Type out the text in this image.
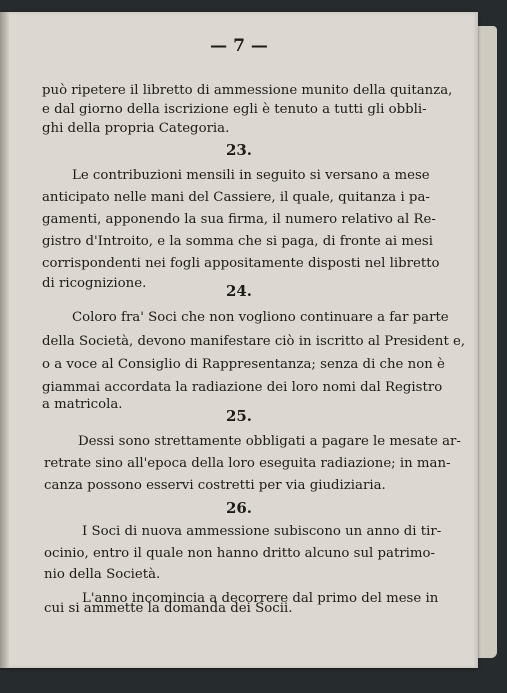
— 7 —
può ripetere il libretto di ammessione munito della quitanza,
e dal giorno della iscrizione egli è tenuto a tutti gli obbli-
ghi della propria Categoria.
23.
Le contribuzioni mensili in seguito si versano a mese
anticipato nelle mani del Cassiere, il quale, quitanza i pa-
gamenti, apponendo la sua firma, il numero relativo al Re-
gistro d'Introito, e la somma che si paga, di fronte ai mesi
corrispondenti nei fogli appositamente disposti nel libretto
di ricognizione.	24.
Coloro fra' Soci che non vogliono continuare a far parte
della Società, devono manifestare ciò in iscritto al President e,
o a voce al Consiglio di Rappresentanza; senza di che non è
giammai accordata la radiazione dei loro nomi dal Registro
a matricola.
25.
Dessi sono strettamente obbligati a pagare le mesate ar-
retrate sino all'epoca della loro eseguita radiazione; in man-
canza possono esservi costretti per via giudiziaria.
26.
I Soci di nuova ammessione subiscono un anno di tir-
ocinio, entro il quale non hanno dritto alcuno sul patrimo-
nio della Società.
L'anno incomincia a decorrere dal primo del mese in
cui si ammette la domanda dei Socii.
